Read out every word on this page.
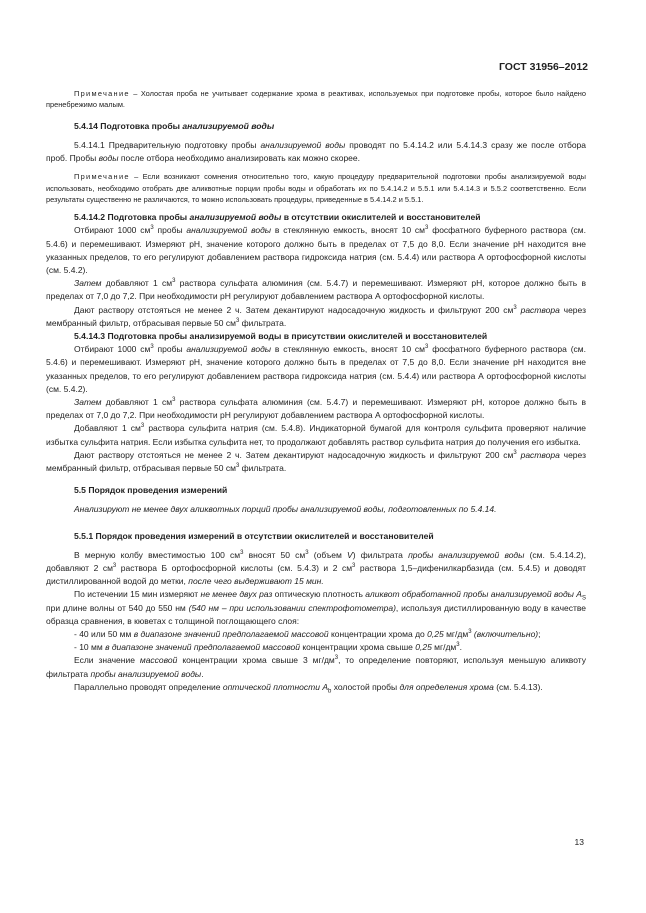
ГОСТ 31956–2012

Примечание – Холостая проба не учитывает содержание хрома в реактивах, используемых при подготовке пробы, которое было найдено пренебрежимо малым.

5.4.14 Подготовка пробы анализируемой воды

5.4.14.1 Предварительную подготовку пробы анализируемой воды проводят по 5.4.14.2 или 5.4.14.3 сразу же после отбора проб. Пробы воды после отбора необходимо анализировать как можно скорее.

Примечание – Если возникают сомнения относительно того, какую процедуру предварительной подготовки пробы анализируемой воды использовать, необходимо отобрать две аликвотные порции пробы воды и обработать их по 5.4.14.2 и 5.5.1 или 5.4.14.3 и 5.5.2 соответственно. Если результаты существенно не различаются, то можно использовать процедуры, приведенные в 5.4.14.2 и 5.5.1.

5.4.14.2 Подготовка пробы анализируемой воды в отсутствии окислителей и восстановителей

Отбирают 1000 $см^3$ пробы анализируемой воды в стеклянную емкость, вносят 10 $см^3$ фосфатного буферного раствора (см. 5.4.6) и перемешивают. Измеряют pH, значение которого должно быть в пределах от 7,5 до 8,0. Если значение pH находится вне указанных пределов, то его регулируют добавлением раствора гидроксида натрия (см. 5.4.4) или раствора А ортофосфорной кислоты (см. 5.4.2).

Затем добавляют 1 $см^3$ раствора сульфата алюминия (см. 5.4.7) и перемешивают. Измеряют pH, которое должно быть в пределах от 7,0 до 7,2. При необходимости pH регулируют добавлением раствора А ортофосфорной кислоты.

Дают раствору отстояться не менее 2 ч. Затем декантируют надосадочную жидкость и фильтруют 200 $см^3$ раствора через мембранный фильтр, отбрасывая первые 50 $см^3$ фильтрата.

5.4.14.3 Подготовка пробы анализируемой воды в присутствии окислителей и восстановителей

Отбирают 1000 $см^3$ пробы анализируемой воды в стеклянную емкость, вносят 10 $см^3$ фосфатного буферного раствора (см. 5.4.6) и перемешивают. Измеряют pH, значение которого должно быть в пределах от 7,5 до 8,0. Если значение pH находится вне указанных пределов, то его регулируют добавлением раствора гидроксида натрия (см. 5.4.4) или раствора А ортофосфорной кислоты (см. 5.4.2).

Затем добавляют 1 $см^3$ раствора сульфата алюминия (см. 5.4.7) и перемешивают. Измеряют pH, которое должно быть в пределах от 7,0 до 7,2. При необходимости pH регулируют добавлением раствора А ортофосфорной кислоты.

Добавляют 1 $см^3$ раствора сульфита натрия (см. 5.4.8). Индикаторной бумагой для контроля сульфита проверяют наличие избытка сульфита натрия. Если избытка сульфита нет, то продолжают добавлять раствор сульфита натрия до получения его избытка.

Дают раствору отстояться не менее 2 ч. Затем декантируют надосадочную жидкость и фильтруют 200 $см^3$ раствора через мембранный фильтр, отбрасывая первые 50 $см^3$ фильтрата.

5.5 Порядок проведения измерений

Анализируют не менее двух аликвотных порций пробы анализируемой воды, подготовленных по 5.4.14.

5.5.1 Порядок проведения измерений в отсутствии окислителей и восстановителей

В мерную колбу вместимостью 100 $см^3$ вносят 50 $см^3$ (объем V) фильтрата пробы анализируемой воды (см. 5.4.14.2), добавляют 2 $см^3$ раствора Б ортофосфорной кислоты (см. 5.4.3) и 2 $см^3$ раствора 1,5–дифенилкарбазида (см. 5.4.5) и доводят дистиллированной водой до метки, после чего выдерживают 15 мин.

По истечении 15 мин измеряют не менее двух раз оптическую плотность аликвот обработанной пробы анализируемой воды $A_S$ при длине волны от 540 до 550 нм (540 нм – при использовании спектрофотометра), используя дистиллированную воду в качестве образца сравнения, в кюветах с толщиной поглощающего слоя:

- 40 или 50 мм в диапазоне значений предполагаемой массовой концентрации хрома до 0,25 $мг/дм^3$ (включительно);

- 10 мм в диапазоне значений предполагаемой массовой концентрации хрома свыше 0,25 $мг/дм^3$.

Если значение массовой концентрации хрома свыше 3 $мг/дм^3$, то определение повторяют, используя меньшую аликвоту фильтрата пробы анализируемой воды.

Параллельно проводят определение оптической плотности $A_b$ холостой пробы для определения хрома (см. 5.4.13).

13
